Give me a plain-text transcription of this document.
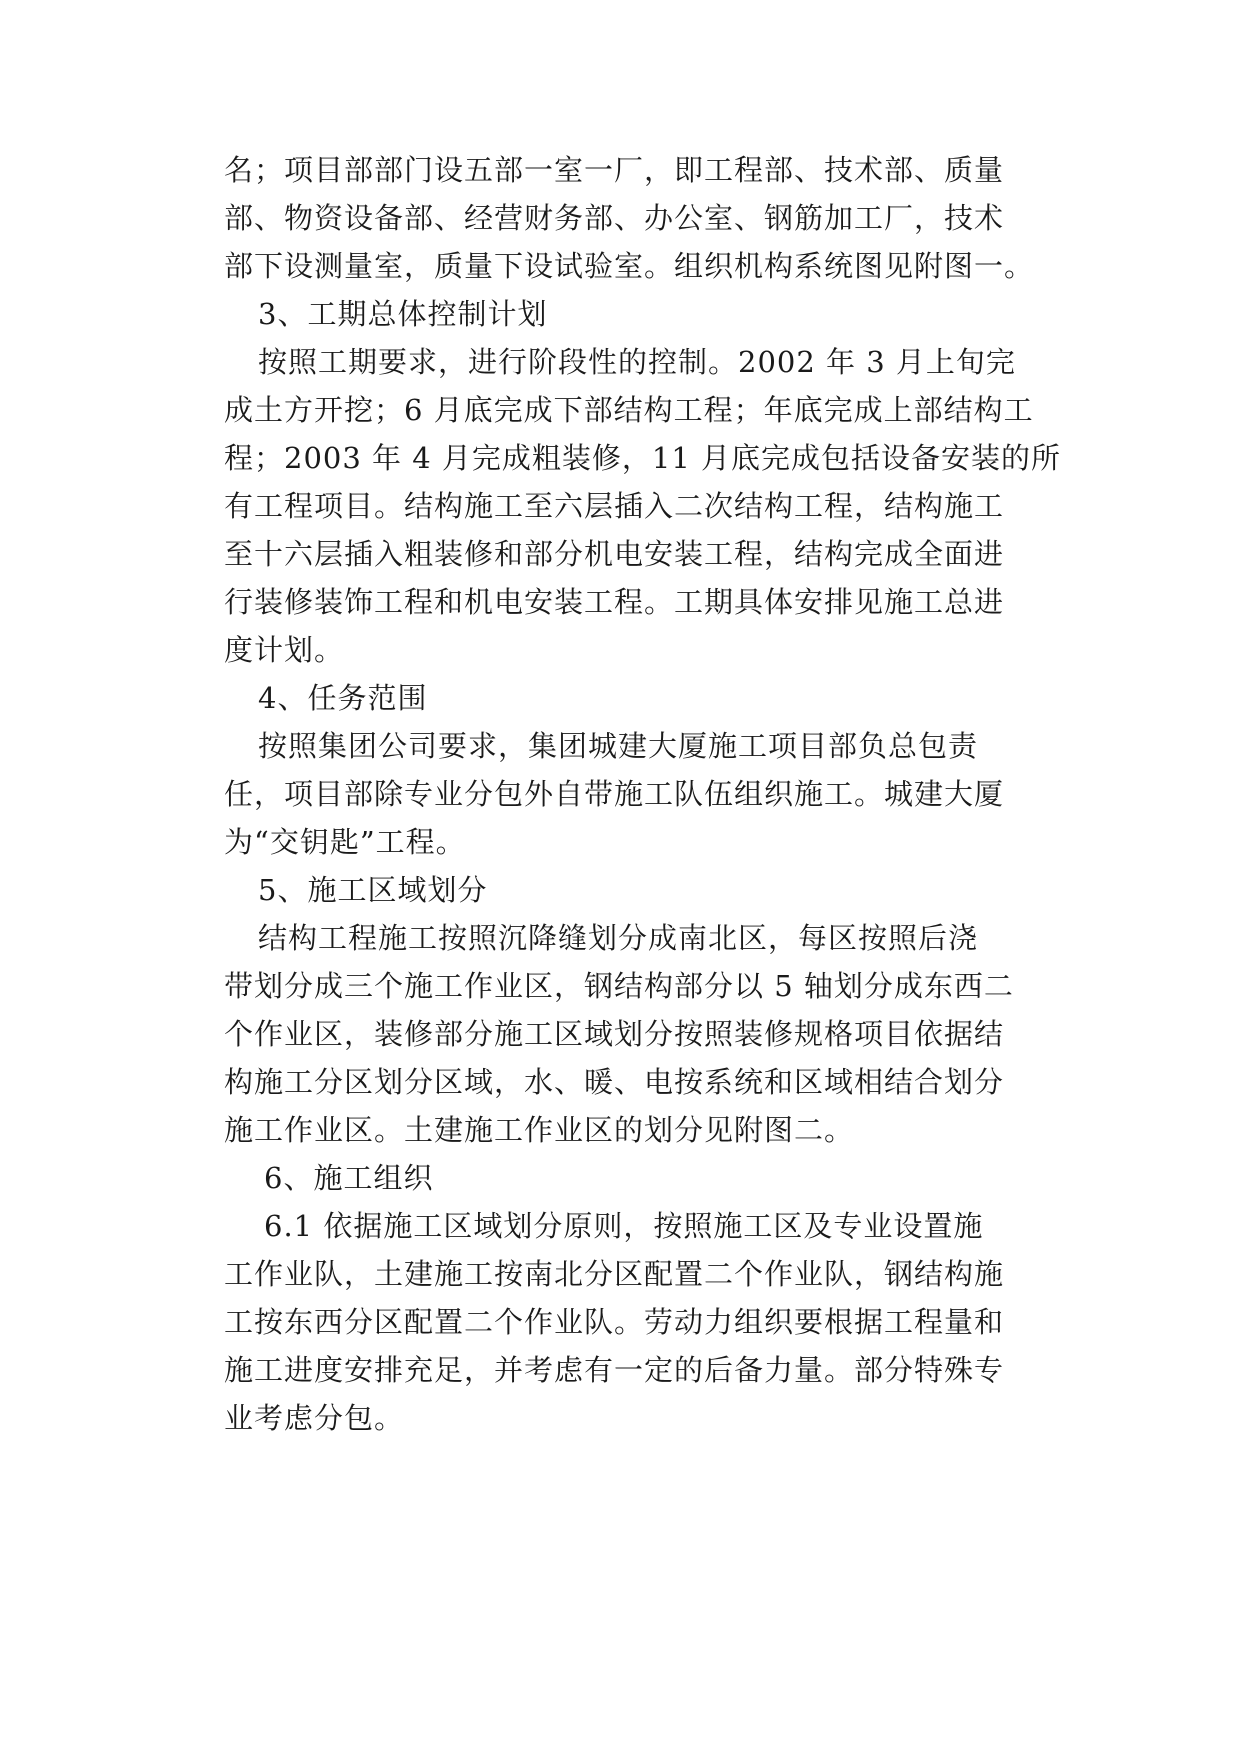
名；项目部部门设五部一室一厂，即工程部、技术部、质量
部、物资设备部、经营财务部、办公室、钢筋加工厂，技术
部下设测量室，质量下设试验室。组织机构系统图见附图一。
3、工期总体控制计划
按照工期要求，进行阶段性的控制。2002 年 3 月上旬完
成土方开挖；6 月底完成下部结构工程；年底完成上部结构工
程；2003 年 4 月完成粗装修，11 月底完成包括设备安装的所
有工程项目。结构施工至六层插入二次结构工程，结构施工
至十六层插入粗装修和部分机电安装工程，结构完成全面进
行装修装饰工程和机电安装工程。工期具体安排见施工总进
度计划。
4、任务范围
按照集团公司要求，集团城建大厦施工项目部负总包责
任，项目部除专业分包外自带施工队伍组织施工。城建大厦
为“交钥匙”工程。
5、施工区域划分
结构工程施工按照沉降缝划分成南北区，每区按照后浇
带划分成三个施工作业区，钢结构部分以 5 轴划分成东西二
个作业区，装修部分施工区域划分按照装修规格项目依据结
构施工分区划分区域，水、暖、电按系统和区域相结合划分
施工作业区。土建施工作业区的划分见附图二。
6、施工组织
6.1 依据施工区域划分原则，按照施工区及专业设置施
工作业队，土建施工按南北分区配置二个作业队，钢结构施
工按东西分区配置二个作业队。劳动力组织要根据工程量和
施工进度安排充足，并考虑有一定的后备力量。部分特殊专
业考虑分包。
